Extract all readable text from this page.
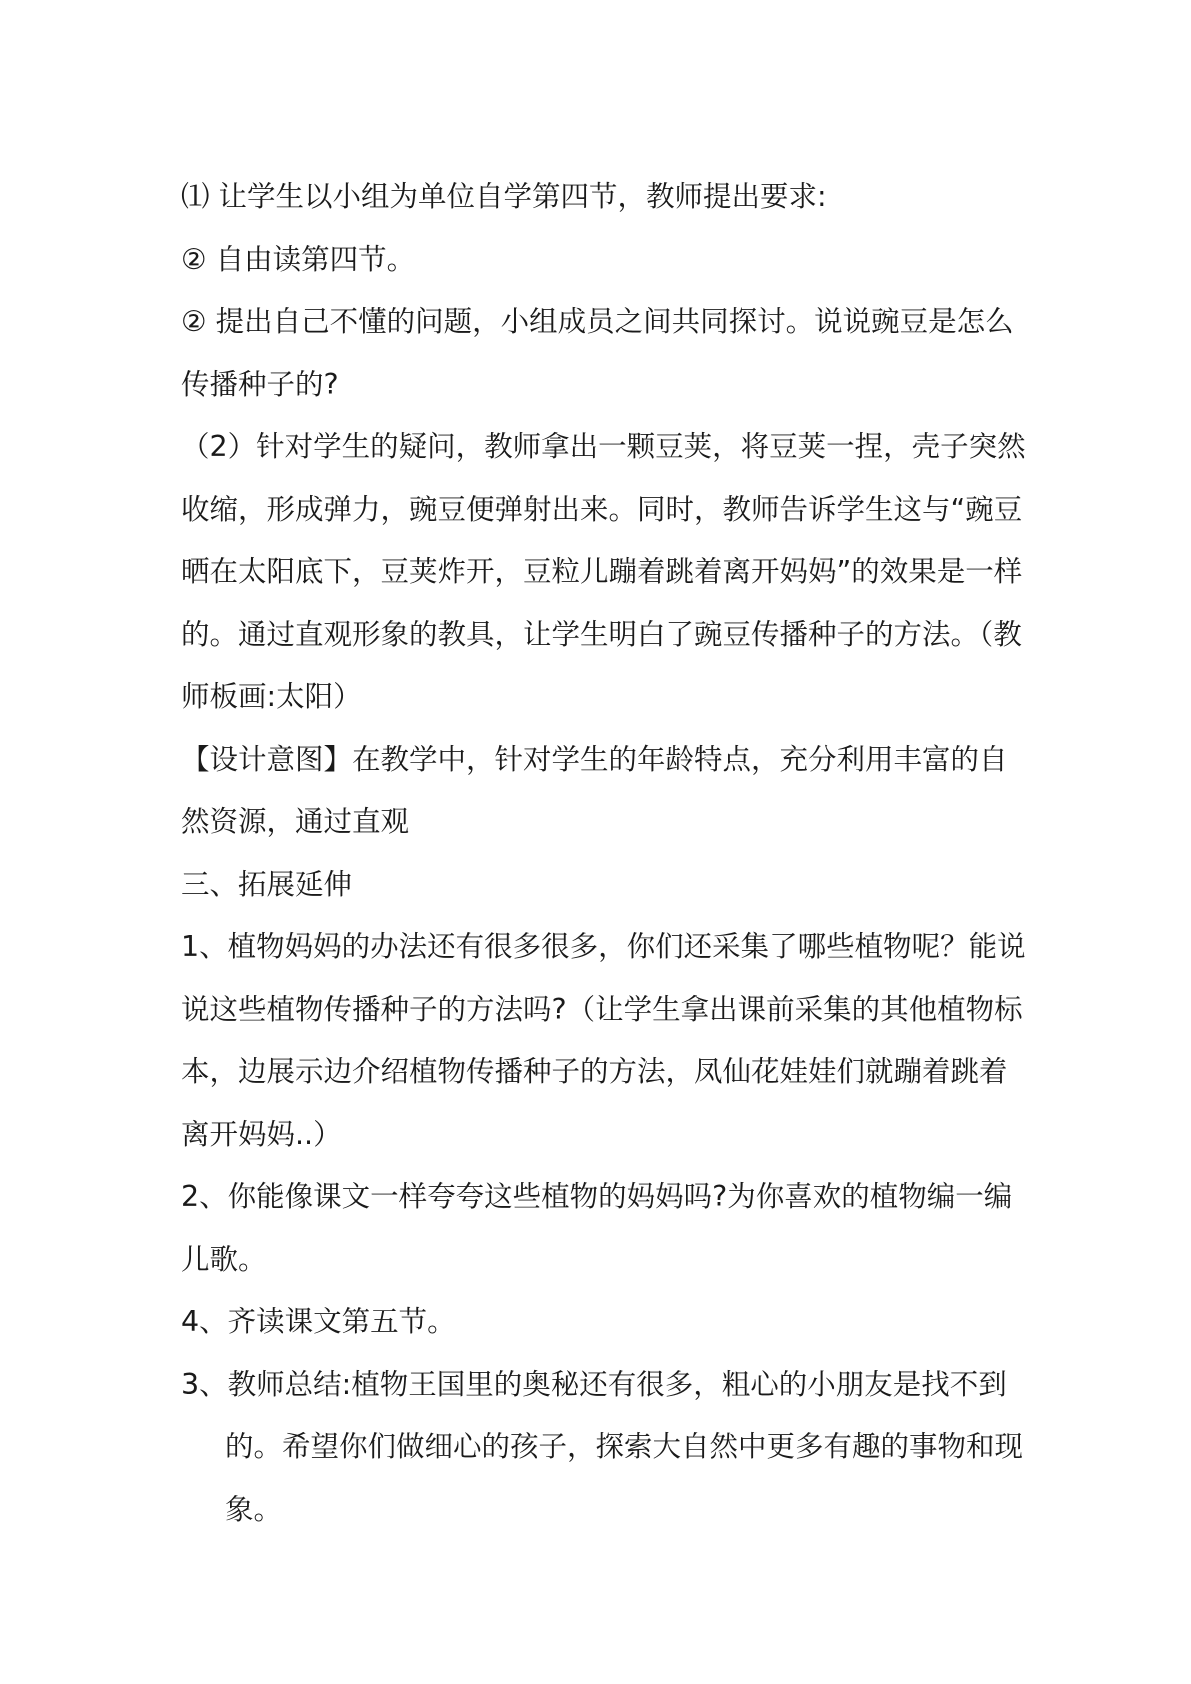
⑴ 让学生以小组为单位自学第四节，教师提出要求:

② 自由读第四节。

② 提出自己不懂的问题，小组成员之间共同探讨。说说豌豆是怎么传播种子的?

（2）针对学生的疑问，教师拿出一颗豆荚，将豆荚一捏，壳子突然收缩，形成弹力，豌豆便弹射出来。同时，教师告诉学生这与“豌豆晒在太阳底下，豆荚炸开，豆粒儿蹦着跳着离开妈妈”的效果是一样的。通过直观形象的教具，让学生明白了豌豆传播种子的方法。（教师板画:太阳）

【设计意图】在教学中，针对学生的年龄特点，充分利用丰富的自然资源，通过直观

三、拓展延伸

1、植物妈妈的办法还有很多很多，你们还采集了哪些植物呢？能说说这些植物传播种子的方法吗?（让学生拿出课前采集的其他植物标本，边展示边介绍植物传播种子的方法，凤仙花娃娃们就蹦着跳着离开妈妈..）

2、你能像课文一样夸夸这些植物的妈妈吗?为你喜欢的植物编一编儿歌。

4、齐读课文第五节。

3、教师总结:植物王国里的奥秘还有很多，粗心的小朋友是找不到的。希望你们做细心的孩子，探索大自然中更多有趣的事物和现象。
